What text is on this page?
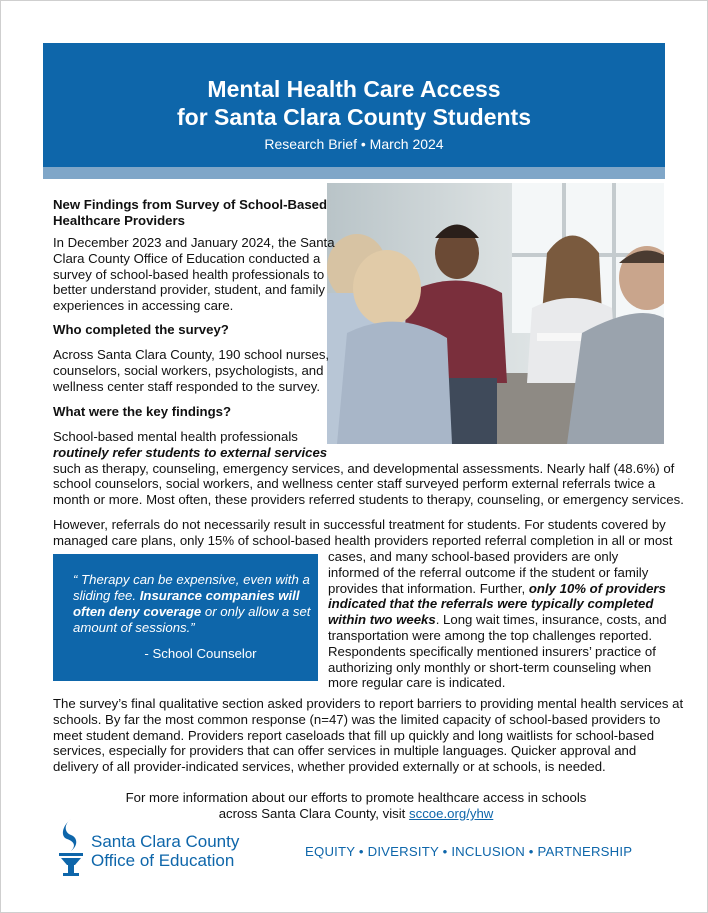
Mental Health Care Access
for Santa Clara County Students
Research Brief • March 2024
New Findings from Survey of School-Based
Healthcare Providers
In December 2023 and January 2024, the Santa
Clara County Office of Education conducted a
survey of school-based health professionals to
better understand provider, student, and family
experiences in accessing care.
Who completed the survey?
Across Santa Clara County, 190 school nurses,
counselors, social workers, psychologists, and
wellness center staff responded to the survey.
What were the key findings?
School-based mental health professionals
routinely refer students to external services
such as therapy, counseling, emergency services, and developmental assessments. Nearly half (48.6%) of
school counselors, social workers, and wellness center staff surveyed perform external referrals twice a
month or more. Most often, these providers referred students to therapy, counseling, or emergency services.
However, referrals do not necessarily result in successful treatment for students. For students covered by
managed care plans, only 15% of school-based health providers reported referral completion in all or most
cases, and many school-based providers are only
informed of the referral outcome if the student or family
provides that information. Further, only 10% of providers
indicated that the referrals were typically completed
within two weeks. Long wait times, insurance, costs, and
transportation were among the top challenges reported.
Respondents specifically mentioned insurers’ practice of
authorizing only monthly or short-term counseling when
more regular care is indicated.
“ Therapy can be expensive, even with a
sliding fee. Insurance companies will
often deny coverage or only allow a set
amount of sessions.”
- School Counselor
The survey’s final qualitative section asked providers to report barriers to providing mental health services at
schools. By far the most common response (n=47) was the limited capacity of school-based providers to
meet student demand. Providers report caseloads that fill up quickly and long waitlists for school-based
services, especially for providers that can offer services in multiple languages. Quicker approval and
delivery of all provider-indicated services, whether provided externally or at schools, is needed.
For more information about our efforts to promote healthcare access in schools
across Santa Clara County, visit sccoe.org/yhw
Santa Clara County
Office of Education	EQUITY • DIVERSITY • INCLUSION • PARTNERSHIP
